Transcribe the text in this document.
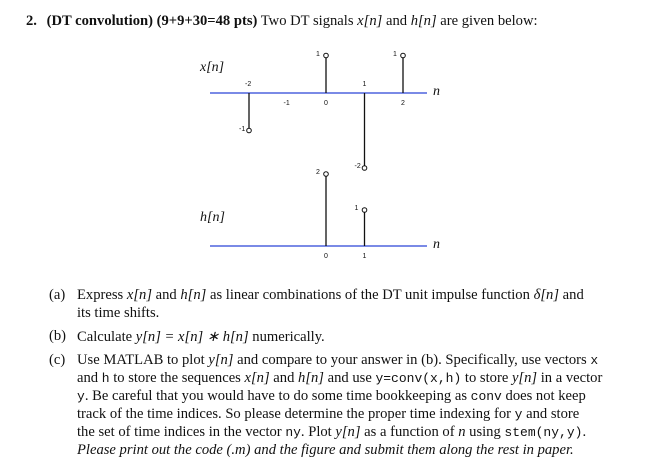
2. (DT convolution) (9+9+30=48 pts) Two DT signals x[n] and h[n] are given below:
n
x[n]
-1
1
-2
1
-2
-1	0
1
2
n
h[n]
2
1
0	1
(a) Express x[n] and h[n] as linear combinations of the DT unit impulse function δ[n] and
its time shifts.
(b) Calculate y[n] = x[n] ∗ h[n] numerically.
(c) Use MATLAB to plot y[n] and compare to your answer in (b). Specifically, use vectors x
and h to store the sequences x[n] and h[n] and use y=conv(x,h) to store y[n] in a vector
y. Be careful that you would have to do some time bookkeeping as conv does not keep
track of the time indices. So please determine the proper time indexing for y and store
the set of time indices in the vector ny. Plot y[n] as a function of n using stem(ny,y).
Please print out the code (.m) and the figure and submit them along the rest in paper.
